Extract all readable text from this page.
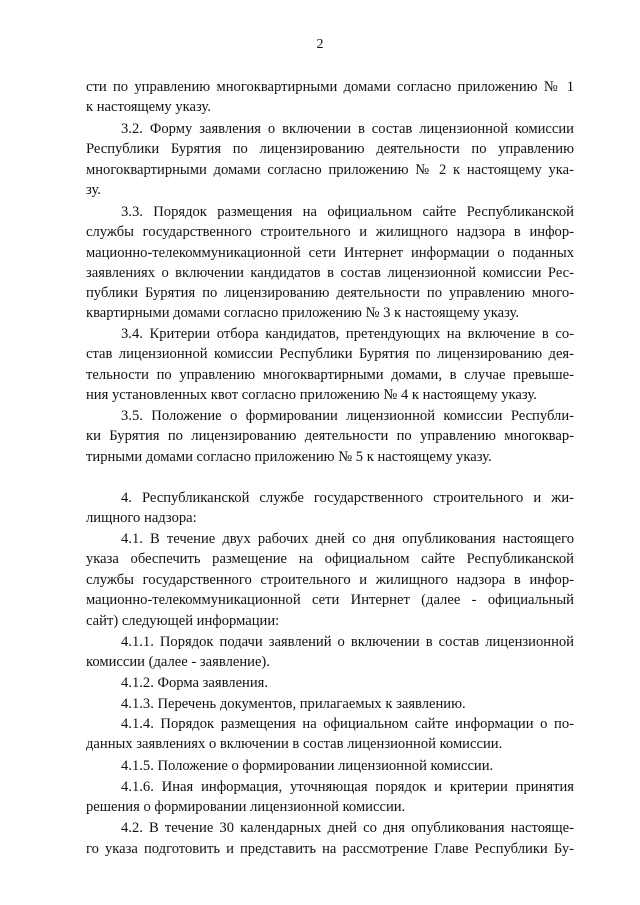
2
сти по управлению многоквартирными домами согласно приложению № 1
к настоящему указу.
3.2. Форму заявления о включении в состав лицензионной комиссии
Республики Бурятия по лицензированию деятельности по управлению
многоквартирными домами согласно приложению № 2 к настоящему ука-
зу.
3.3. Порядок размещения на официальном сайте Республиканской
службы государственного строительного и жилищного надзора в инфор-
мационно-телекоммуникационной сети Интернет информации о поданных
заявлениях о включении кандидатов в состав лицензионной комиссии Рес-
публики Бурятия по лицензированию деятельности по управлению много-
квартирными домами согласно приложению № 3 к настоящему указу.
3.4. Критерии отбора кандидатов, претендующих на включение в со-
став лицензионной комиссии Республики Бурятия по лицензированию дея-
тельности по управлению многоквартирными домами, в случае превыше-
ния установленных квот согласно приложению № 4 к настоящему указу.
3.5. Положение о формировании лицензионной комиссии Республи-
ки Бурятия по лицензированию деятельности по управлению многоквар-
тирными домами согласно приложению № 5 к настоящему указу.
4. Республиканской службе государственного строительного и жи-
лищного надзора:
4.1. В течение двух рабочих дней со дня опубликования настоящего
указа обеспечить размещение на официальном сайте Республиканской
службы государственного строительного и жилищного надзора в инфор-
мационно-телекоммуникационной сети Интернет (далее - официальный
сайт) следующей информации:
4.1.1. Порядок подачи заявлений о включении в состав лицензионной
комиссии (далее - заявление).
4.1.2. Форма заявления.
4.1.3. Перечень документов, прилагаемых к заявлению.
4.1.4. Порядок размещения на официальном сайте информации о по-
данных заявлениях о включении в состав лицензионной комиссии.
4.1.5. Положение о формировании лицензионной комиссии.
4.1.6. Иная информация, уточняющая порядок и критерии принятия
решения о формировании лицензионной комиссии.
4.2. В течение 30 календарных дней со дня опубликования настояще-
го указа подготовить и представить на рассмотрение Главе Республики Бу-
